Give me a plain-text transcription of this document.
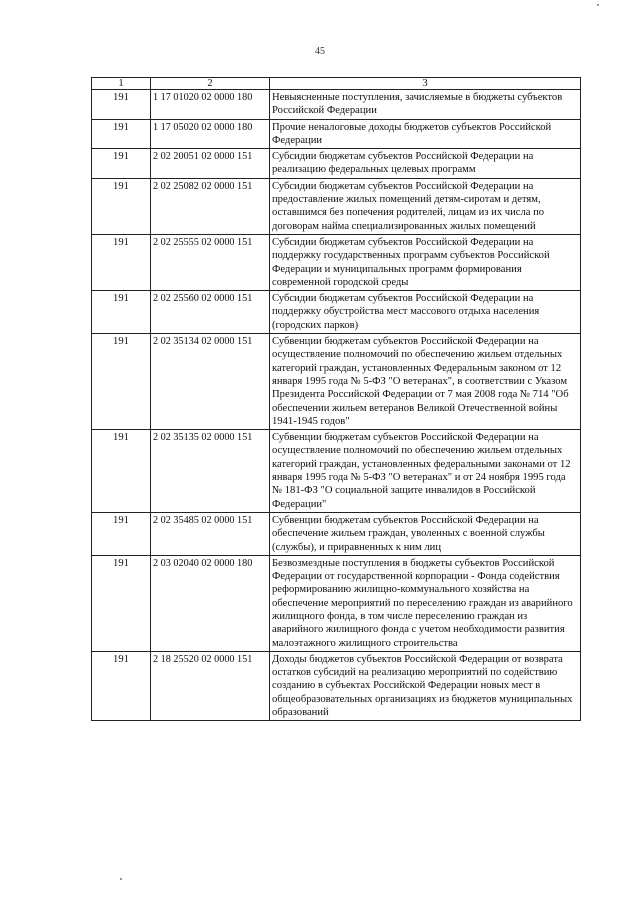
45
1	2	3
191	1 17 01020 02 0000 180	Невыясненные поступления, зачисляемые в бюджеты субъектов Российской Федерации
191	1 17 05020 02 0000 180	Прочие неналоговые доходы бюджетов субъектов Российской Федерации
191	2 02 20051 02 0000 151	Субсидии бюджетам субъектов Российской Федерации на реализацию федеральных целевых программ
191	2 02 25082 02 0000 151	Субсидии бюджетам субъектов Российской Федерации на предоставление жилых помещений детям-сиротам и детям, оставшимся без попечения родителей, лицам из их числа по договорам найма специализированных жилых помещений
191	2 02 25555 02 0000 151	Субсидии бюджетам субъектов Российской Федерации на поддержку государственных программ субъектов Российской Федерации и муниципальных программ формирования современной городской среды
191	2 02 25560 02 0000 151	Субсидии бюджетам субъектов Российской Федерации на поддержку обустройства мест массового отдыха населения (городских парков)
191	2 02 35134 02 0000 151	Субвенции бюджетам субъектов Российской Федерации на осуществление полномочий по обеспечению жильем отдельных категорий граждан, установленных Федеральным законом от 12 января 1995 года № 5-ФЗ "О ветеранах", в соответствии с Указом Президента Российской Федерации от 7 мая 2008 года № 714 "Об обеспечении жильем ветеранов Великой Отечественной войны 1941-1945 годов"
191	2 02 35135 02 0000 151	Субвенции бюджетам субъектов Российской Федерации на осуществление полномочий по обеспечению жильем отдельных категорий граждан, установленных федеральными законами от 12 января 1995 года № 5-ФЗ "О ветеранах" и от 24 ноября 1995 года № 181-ФЗ "О социальной защите инвалидов в Российской Федерации"
191	2 02 35485 02 0000 151	Субвенции бюджетам субъектов Российской Федерации на обеспечение жильем граждан, уволенных с военной службы (службы), и приравненных к ним лиц
191	2 03 02040 02 0000 180	Безвозмездные поступления в бюджеты субъектов Российской Федерации от государственной корпорации - Фонда содействия реформированию жилищно-коммунального хозяйства на обеспечение мероприятий по переселению граждан из аварийного жилищного фонда, в том числе переселению граждан из аварийного жилищного фонда с учетом необходимости развития малоэтажного жилищного строительства
191	2 18 25520 02 0000 151	Доходы бюджетов субъектов Российской Федерации от возврата остатков субсидий на реализацию мероприятий по содействию созданию в субъектах Российской Федерации новых мест в общеобразовательных организациях из бюджетов муниципальных образований
